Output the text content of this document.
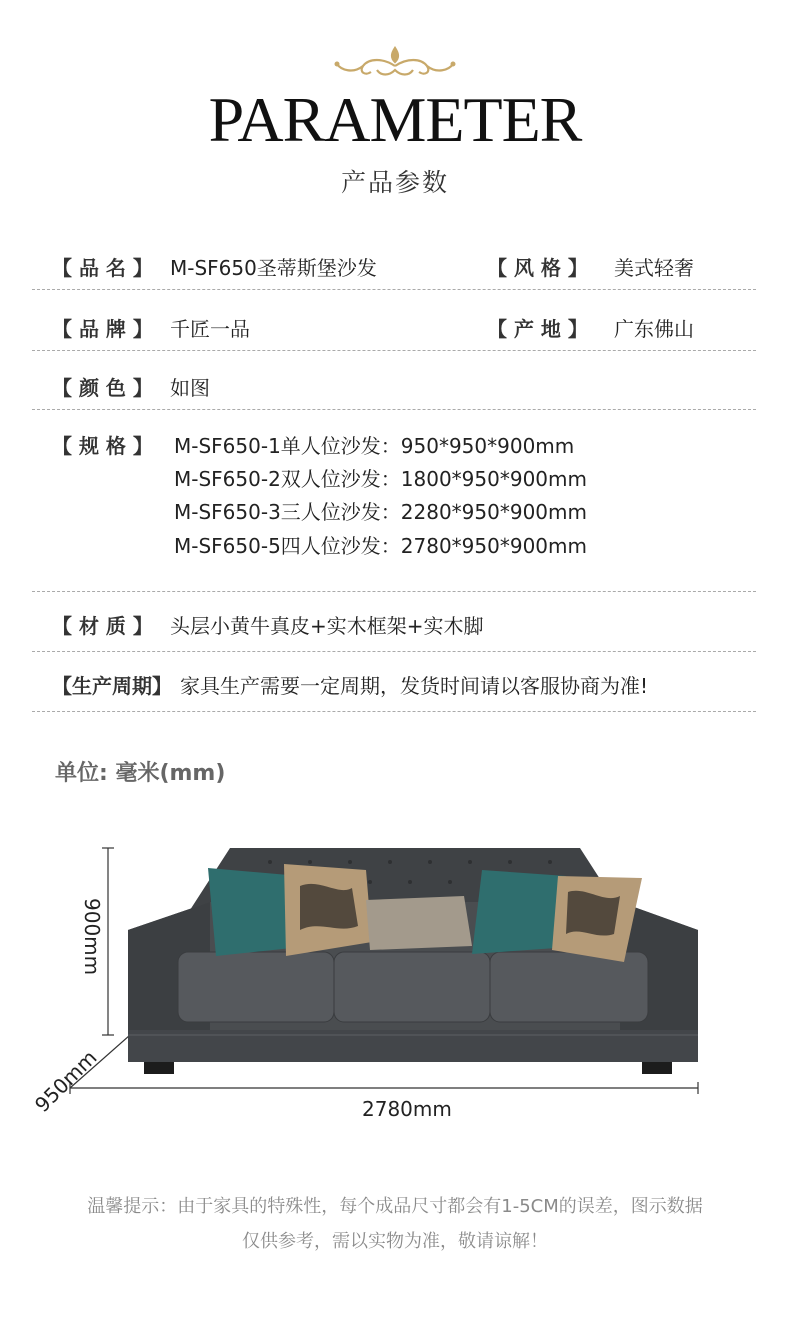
PARAMETER
产品参数
【 品 名 】 M-SF650圣蒂斯堡沙发	【 风 格 】 美式轻奢
【 品 牌 】 千匠一品	【 产 地 】 广东佛山
【 颜 色 】 如图
【 规 格 】 M-SF650-1单人位沙发：950*950*900mm
M-SF650-2双人位沙发：1800*950*900mm
M-SF650-3三人位沙发：2280*950*900mm
M-SF650-5四人位沙发：2780*950*900mm
【 材 质 】 头层小黄牛真皮+实木框架+实木脚
【生产周期】 家具生产需要一定周期，发货时间请以客服协商为准!
单位: 毫米(mm)
2780mm
900mm
950mm
温馨提示：由于家具的特殊性，每个成品尺寸都会有1-5CM的误差，图示数据
仅供参考，需以实物为准，敬请谅解！
